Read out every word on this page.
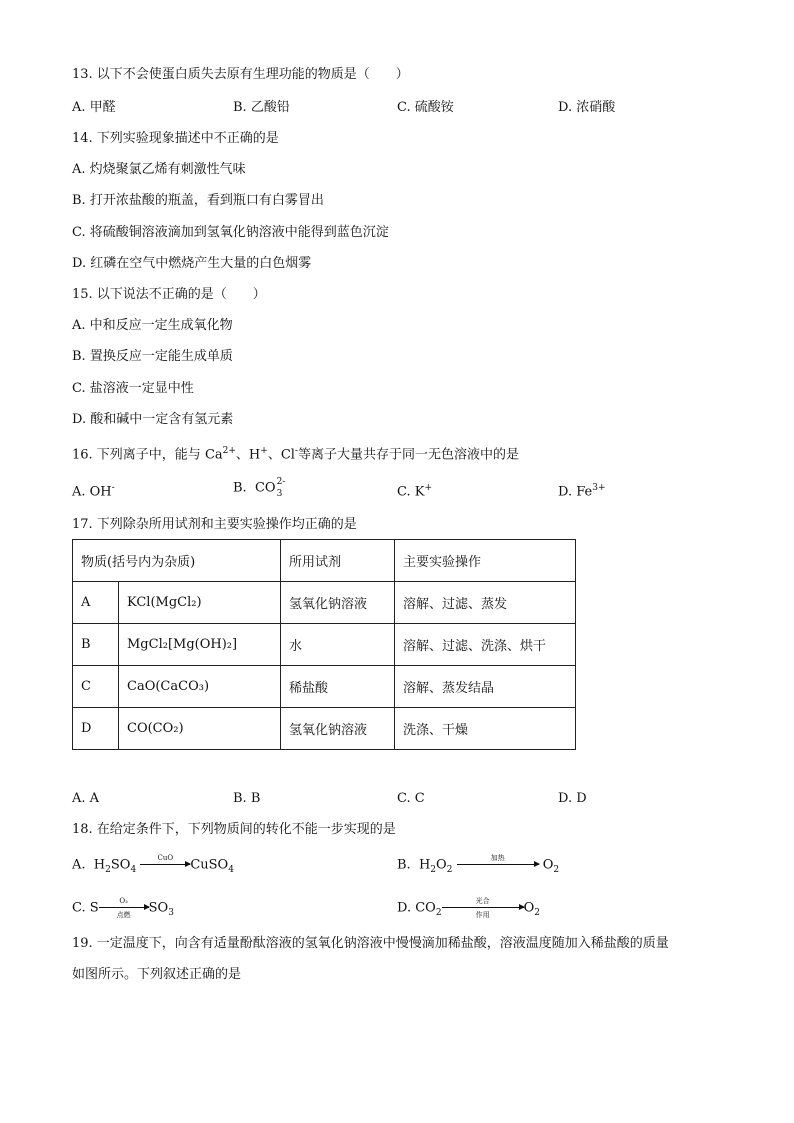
13. 以下不会使蛋白质失去原有生理功能的物质是（　　）
A. 甲醛	B. 乙酸铅	C. 硫酸铵	D. 浓硝酸
14. 下列实验现象描述中不正确的是
A. 灼烧聚氯乙烯有刺激性气味
B. 打开浓盐酸的瓶盖，看到瓶口有白雾冒出
C. 将硫酸铜溶液滴加到氢氧化钠溶液中能得到蓝色沉淀
D. 红磷在空气中燃烧产生大量的白色烟雾
15. 以下说法不正确的是（　　）
A. 中和反应一定生成氧化物
B. 置换反应一定能生成单质
C. 盐溶液一定显中性
D. 酸和碱中一定含有氢元素
16. 下列离子中，能与 $Ca^{2+}$、H+、Cl-等离子大量共存于同一无色溶液中的是
A. OH-	B. CO 2-
3	C. K+	D. $Fe^{3+}$
17. 下列除杂所用试剂和主要实验操作均正确的是
物质(括号内为杂质)		所用试剂	主要实验操作
A	KCl(MgCl₂)	氢氧化钠溶液	溶解、过滤、蒸发
B	MgCl₂[Mg(OH)₂]	水	溶解、过滤、洗涤、烘干
C	CaO(CaCO₃)	稀盐酸	溶解、蒸发结晶
D	CO(CO₂)	氢氧化钠溶液	洗涤、干燥
A. A	B. B	C. C	D. D
18. 在给定条件下，下列物质间的转化不能一步实现的是
A. $H_2SO_4$
CuO	CuSO$_4$	B. $H_2O_2$
加热	$O_2$
C. S	O₂
点燃	$SO_3$	D. $CO_2$
光合
作用	$O_2$
19. 一定温度下，向含有适量酚酞溶液的氢氧化钠溶液中慢慢滴加稀盐酸，溶液温度随加入稀盐酸的质量
如图所示。下列叙述正确的是
